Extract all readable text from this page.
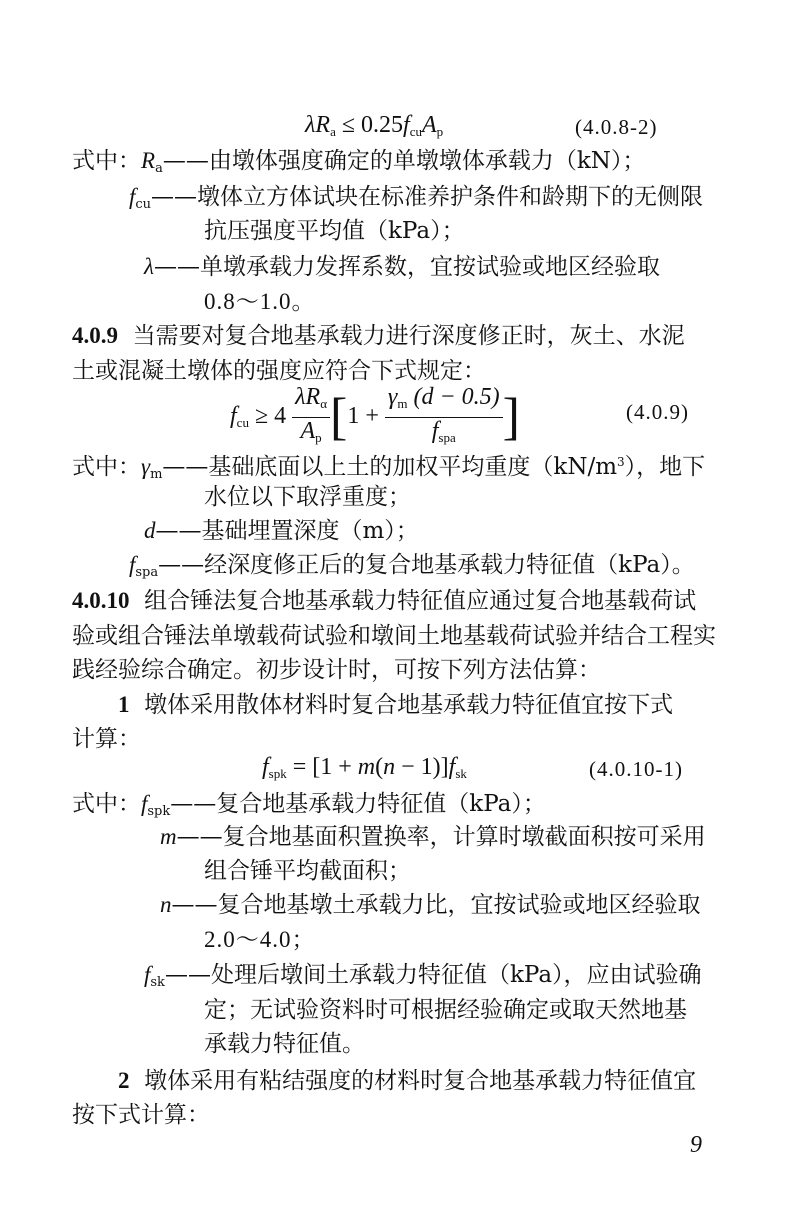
$\lambda R_a \le 0.25f_{cu}A_p$	(4.0.8-2)
式中：$R_a——$由墩体强度确定的单墩墩体承载力（kN）；
$f_{cu}——$墩体立方体试块在标准养护条件和龄期下的无侧限
抗压强度平均值（kPa）；
λ——单墩承载力发挥系数，宜按试验或地区经验取
0.8～1.0。
4.0.9 当需要对复合地基承载力进行深度修正时，灰土、水泥
土或混凝土墩体的强度应符合下式规定：
$f_{cu} \ge 4 \frac{\lambda R_\alpha}{A_p} [1 + \frac{\gamma_m (d - 0.5)}{f_{spa}}$ ]	(4.0.9)
式中：$\gamma_m——$基础底面以上土的加权平均重度$(kN/m^3)$，地下
水位以下取浮重度；
d——基础埋置深度（m）；
$f_{spa}——$经深度修正后的复合地基承载力特征值（kPa）。
4.0.10 组合锤法复合地基承载力特征值应通过复合地基载荷试
验或组合锤法单墩载荷试验和墩间土地基载荷试验并结合工程实
践经验综合确定。初步设计时，可按下列方法估算：
1 墩体采用散体材料时复合地基承载力特征值宜按下式
计算：
$f_{spk} = [1 + m(n - 1)]f_{sk}$	(4.0.10-1)
式中：$f_{spk}——$复合地基承载力特征值（kPa）；
m——复合地基面积置换率，计算时墩截面积按可采用
组合锤平均截面积；
n——复合地基墩土承载力比，宜按试验或地区经验取
2.0～4.0；
$f_{sk}——$处理后墩间土承载力特征值（kPa），应由试验确
定；无试验资料时可根据经验确定或取天然地基
承载力特征值。
2 墩体采用有粘结强度的材料时复合地基承载力特征值宜
按下式计算：
9
